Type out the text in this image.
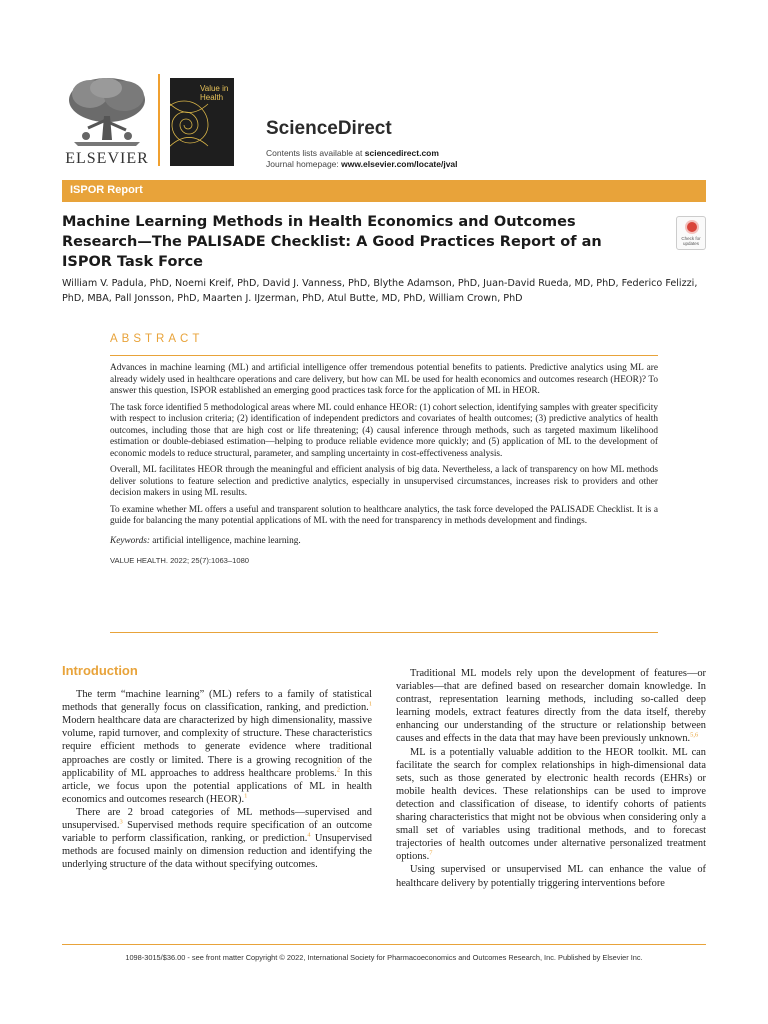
ELSEVIER
Value in Health
ScienceDirect
Contents lists available at sciencedirect.com
Journal homepage: www.elsevier.com/locate/jval
ISPOR Report
Machine Learning Methods in Health Economics and Outcomes Research—The PALISADE Checklist: A Good Practices Report of an ISPOR Task Force
Check for updates
William V. Padula, PhD, Noemi Kreif, PhD, David J. Vanness, PhD, Blythe Adamson, PhD, Juan-David Rueda, MD, PhD, Federico Felizzi, PhD, MBA, Pall Jonsson, PhD, Maarten J. IJzerman, PhD, Atul Butte, MD, PhD, William Crown, PhD
ABSTRACT

Advances in machine learning (ML) and artificial intelligence offer tremendous potential benefits to patients. Predictive analytics using ML are already widely used in healthcare operations and care delivery, but how can ML be used for health economics and outcomes research (HEOR)? To answer this question, ISPOR established an emerging good practices task force for the application of ML in HEOR.

The task force identified 5 methodological areas where ML could enhance HEOR: (1) cohort selection, identifying samples with greater specificity with respect to inclusion criteria; (2) identification of independent predictors and covariates of health outcomes; (3) predictive analytics of health outcomes, including those that are high cost or life threatening; (4) causal inference through methods, such as targeted maximum likelihood estimation or double-debiased estimation—helping to produce reliable evidence more quickly; and (5) application of ML to the development of economic models to reduce structural, parameter, and sampling uncertainty in cost-effectiveness analysis.

Overall, ML facilitates HEOR through the meaningful and efficient analysis of big data. Nevertheless, a lack of transparency on how ML methods deliver solutions to feature selection and predictive analytics, especially in unsupervised circumstances, increases risk to providers and other decision makers in using ML results.

To examine whether ML offers a useful and transparent solution to healthcare analytics, the task force developed the PALISADE Checklist. It is a guide for balancing the many potential applications of ML with the need for transparency in methods development and findings.

Keywords: artificial intelligence, machine learning.

VALUE HEALTH. 2022; 25(7):1063–1080

Introduction

The term “machine learning” (ML) refers to a family of statistical methods that generally focus on classification, ranking, and prediction.$^1$ Modern healthcare data are characterized by high dimensionality, massive volume, rapid turnover, and complexity of structure. These characteristics require efficient methods to generate evidence where traditional approaches are costly or limited. There is a growing recognition of the applicability of ML approaches to address healthcare problems.$^2$ In this article, we focus upon the potential applications of ML in health economics and outcomes research (HEOR).$^1$

There are 2 broad categories of ML methods—supervised and unsupervised.$^3$ Supervised methods require specification of an outcome variable to perform classification, ranking, or prediction.$^4$ Unsupervised methods are focused mainly on dimension reduction and identifying the underlying structure of the data without specifying outcomes.

Traditional ML models rely upon the development of features—or variables—that are defined based on researcher domain knowledge. In contrast, representation learning methods, including so-called deep learning models, extract features directly from the data itself, thereby enhancing our understanding of the structure or relationship between causes and effects in the data that may have been previously unknown.$^{5,6}$

ML is a potentially valuable addition to the HEOR toolkit. ML can facilitate the search for complex relationships in high-dimensional data sets, such as those generated by electronic health records (EHRs) or mobile health devices. These relationships can be used to improve detection and classification of disease, to identify cohorts of patients sharing characteristics that might not be obvious when considering only a small set of variables using traditional methods, and to forecast trajectories of health outcomes under alternative personalized treatment options.$^7$

Using supervised or unsupervised ML can enhance the value of healthcare delivery by potentially triggering interventions before

1098-3015/$36.00 - see front matter Copyright © 2022, International Society for Pharmacoeconomics and Outcomes Research, Inc. Published by Elsevier Inc.
